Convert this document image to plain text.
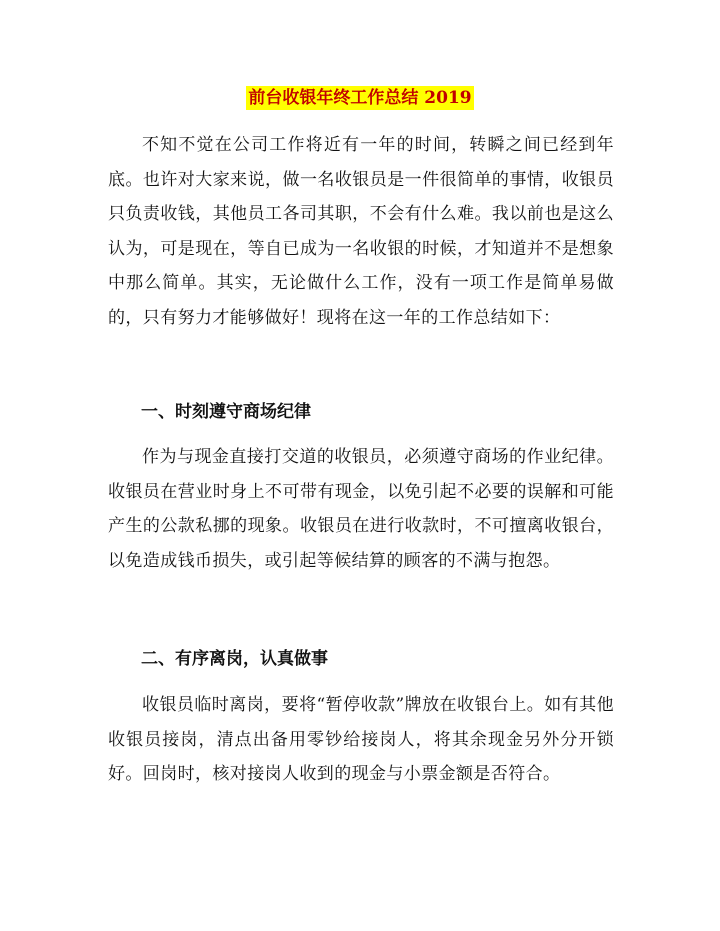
前台收银年终工作总结 2019

不知不觉在公司工作将近有一年的时间，转瞬之间已经到年底。也许对大家来说，做一名收银员是一件很简单的事情，收银员只负责收钱，其他员工各司其职，不会有什么难。我以前也是这么认为，可是现在，等自已成为一名收银的时候，才知道并不是想象中那么简单。其实，无论做什么工作，没有一项工作是简单易做的，只有努力才能够做好！现将在这一年的工作总结如下：

一、时刻遵守商场纪律

作为与现金直接打交道的收银员，必须遵守商场的作业纪律。收银员在营业时身上不可带有现金，以免引起不必要的误解和可能产生的公款私挪的现象。收银员在进行收款时，不可擅离收银台，以免造成钱币损失，或引起等候结算的顾客的不满与抱怨。

二、有序离岗，认真做事

收银员临时离岗，要将“暂停收款”牌放在收银台上。如有其他收银员接岗，清点出备用零钞给接岗人，将其余现金另外分开锁好。回岗时，核对接岗人收到的现金与小票金额是否符合。
